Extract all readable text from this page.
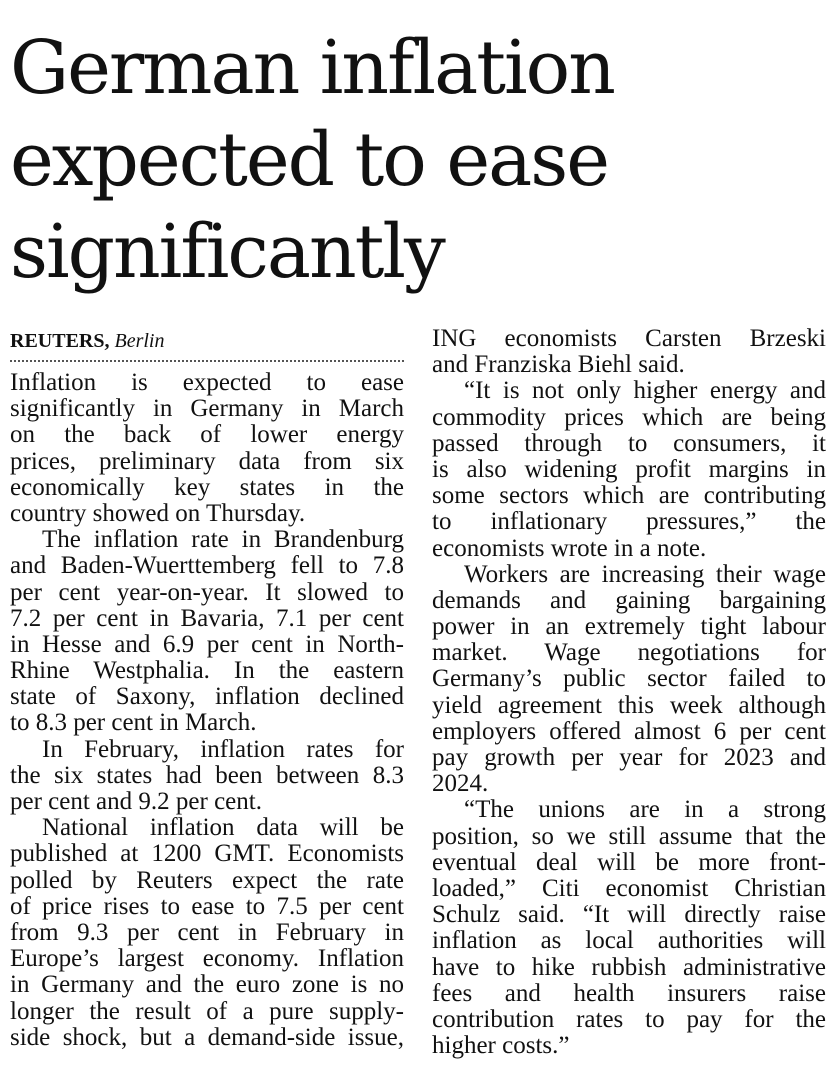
German inflation
expected to ease
significantly
REUTERS, Berlin
Inflation is expected to ease
significantly in Germany in March
on the back of lower energy
prices, preliminary data from six
economically key states in the
country showed on Thursday.
The inflation rate in Brandenburg
and Baden-Wuerttemberg fell to 7.8
per cent year-on-year. It slowed to
7.2 per cent in Bavaria, 7.1 per cent
in Hesse and 6.9 per cent in North-
Rhine Westphalia. In the eastern
state of Saxony, inflation declined
to 8.3 per cent in March.
In February, inflation rates for
the six states had been between 8.3
per cent and 9.2 per cent.
National inflation data will be
published at 1200 GMT. Economists
polled by Reuters expect the rate
of price rises to ease to 7.5 per cent
from 9.3 per cent in February in
Europe’s largest economy. Inflation
in Germany and the euro zone is no
longer the result of a pure supply-
side shock, but a demand-side issue,
ING economists Carsten Brzeski
and Franziska Biehl said.
“It is not only higher energy and
commodity prices which are being
passed through to consumers, it
is also widening profit margins in
some sectors which are contributing
to inflationary pressures,” the
economists wrote in a note.
Workers are increasing their wage
demands and gaining bargaining
power in an extremely tight labour
market. Wage negotiations for
Germany’s public sector failed to
yield agreement this week although
employers offered almost 6 per cent
pay growth per year for 2023 and
2024.
“The unions are in a strong
position, so we still assume that the
eventual deal will be more front-
loaded,” Citi economist Christian
Schulz said. “It will directly raise
inflation as local authorities will
have to hike rubbish administrative
fees and health insurers raise
contribution rates to pay for the
higher costs.”
